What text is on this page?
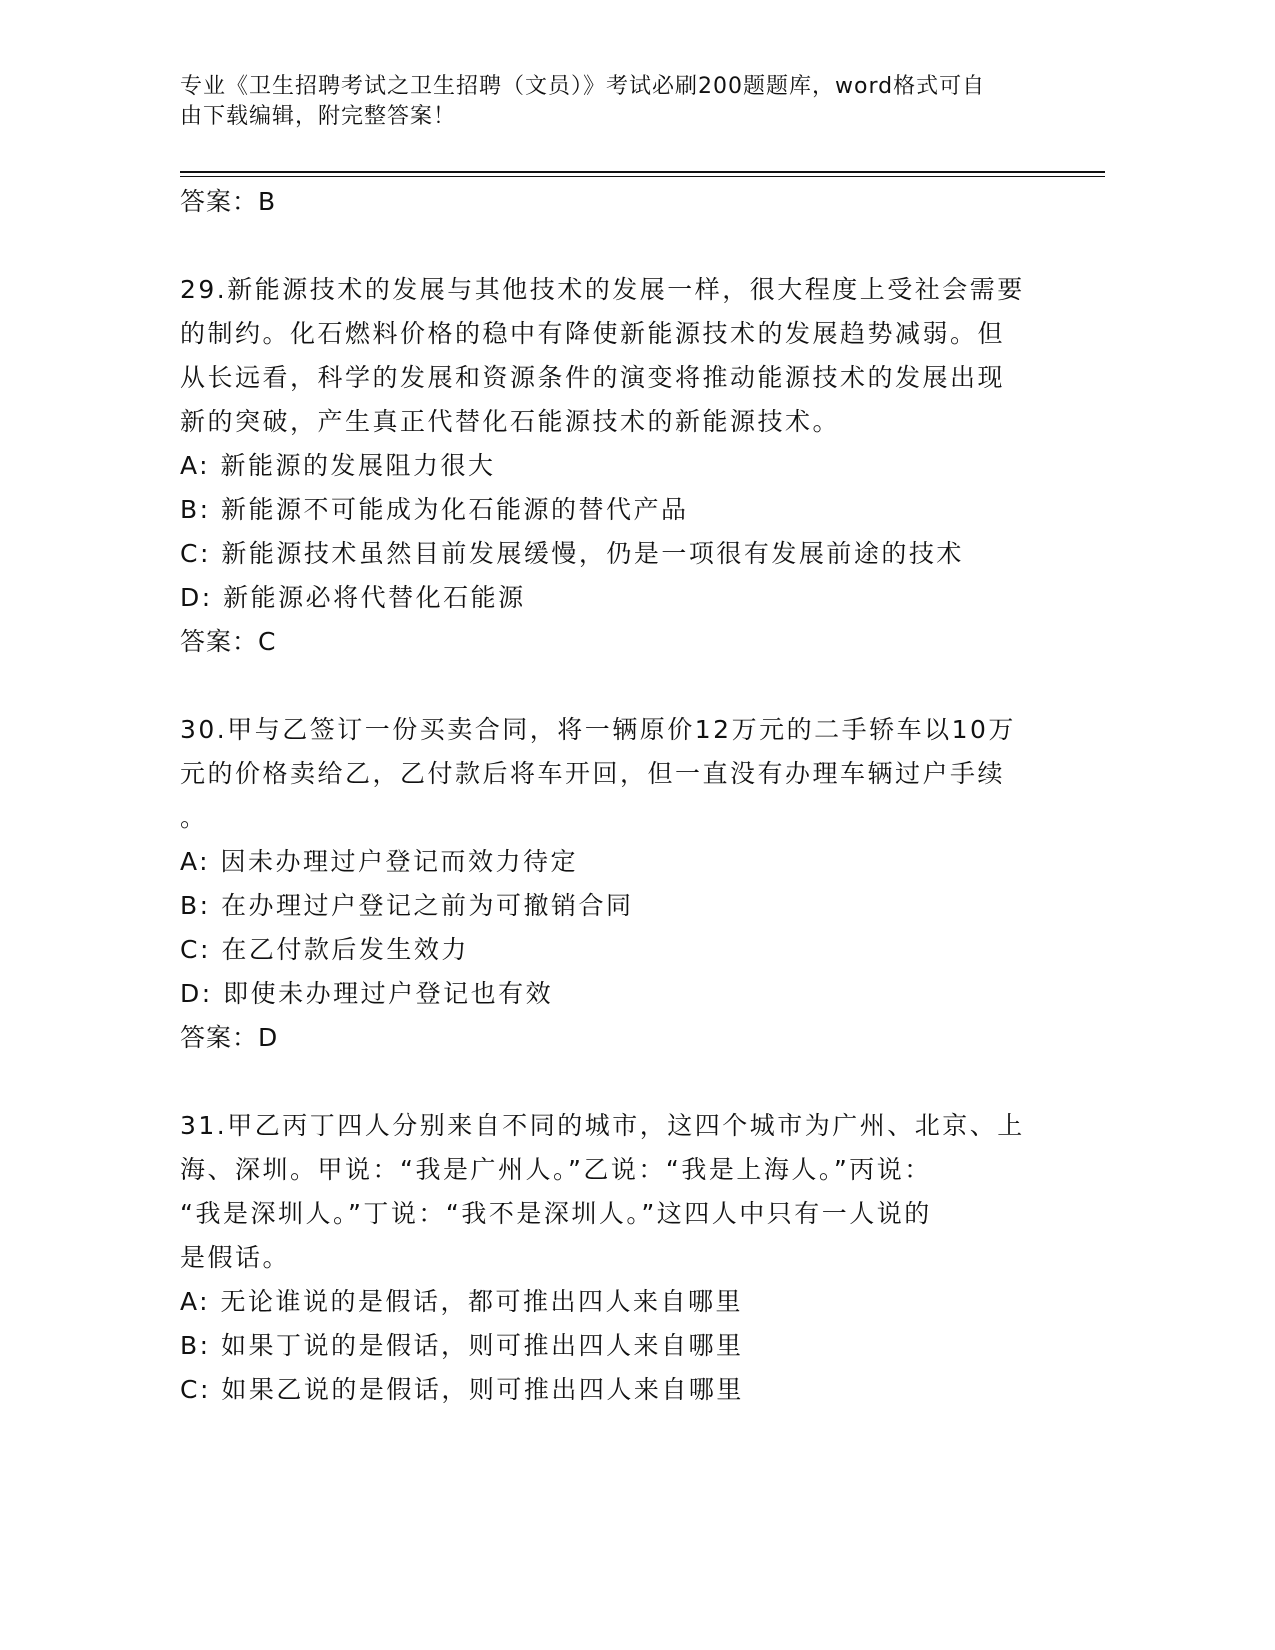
专业《卫生招聘考试之卫生招聘（文员）》考试必刷200题题库，word格式可自

由下载编辑，附完整答案！

答案：B

29.新能源技术的发展与其他技术的发展一样，很大程度上受社会需要

的制约。化石燃料价格的稳中有降使新能源技术的发展趋势减弱。但

从长远看，科学的发展和资源条件的演变将推动能源技术的发展出现

新的突破，产生真正代替化石能源技术的新能源技术。

A: 新能源的发展阻力很大

B: 新能源不可能成为化石能源的替代产品

C: 新能源技术虽然目前发展缓慢，仍是一项很有发展前途的技术

D: 新能源必将代替化石能源

答案：C

30.甲与乙签订一份买卖合同，将一辆原价12万元的二手轿车以10万

元的价格卖给乙，乙付款后将车开回，但一直没有办理车辆过户手续

。

A: 因未办理过户登记而效力待定

B: 在办理过户登记之前为可撤销合同

C: 在乙付款后发生效力

D: 即使未办理过户登记也有效

答案：D

31.甲乙丙丁四人分别来自不同的城市，这四个城市为广州、北京、上

海、深圳。甲说：“我是广州人。”乙说：“我是上海人。”丙说：

“我是深圳人。”丁说：“我不是深圳人。”这四人中只有一人说的

是假话。

A: 无论谁说的是假话，都可推出四人来自哪里

B: 如果丁说的是假话，则可推出四人来自哪里

C: 如果乙说的是假话，则可推出四人来自哪里
